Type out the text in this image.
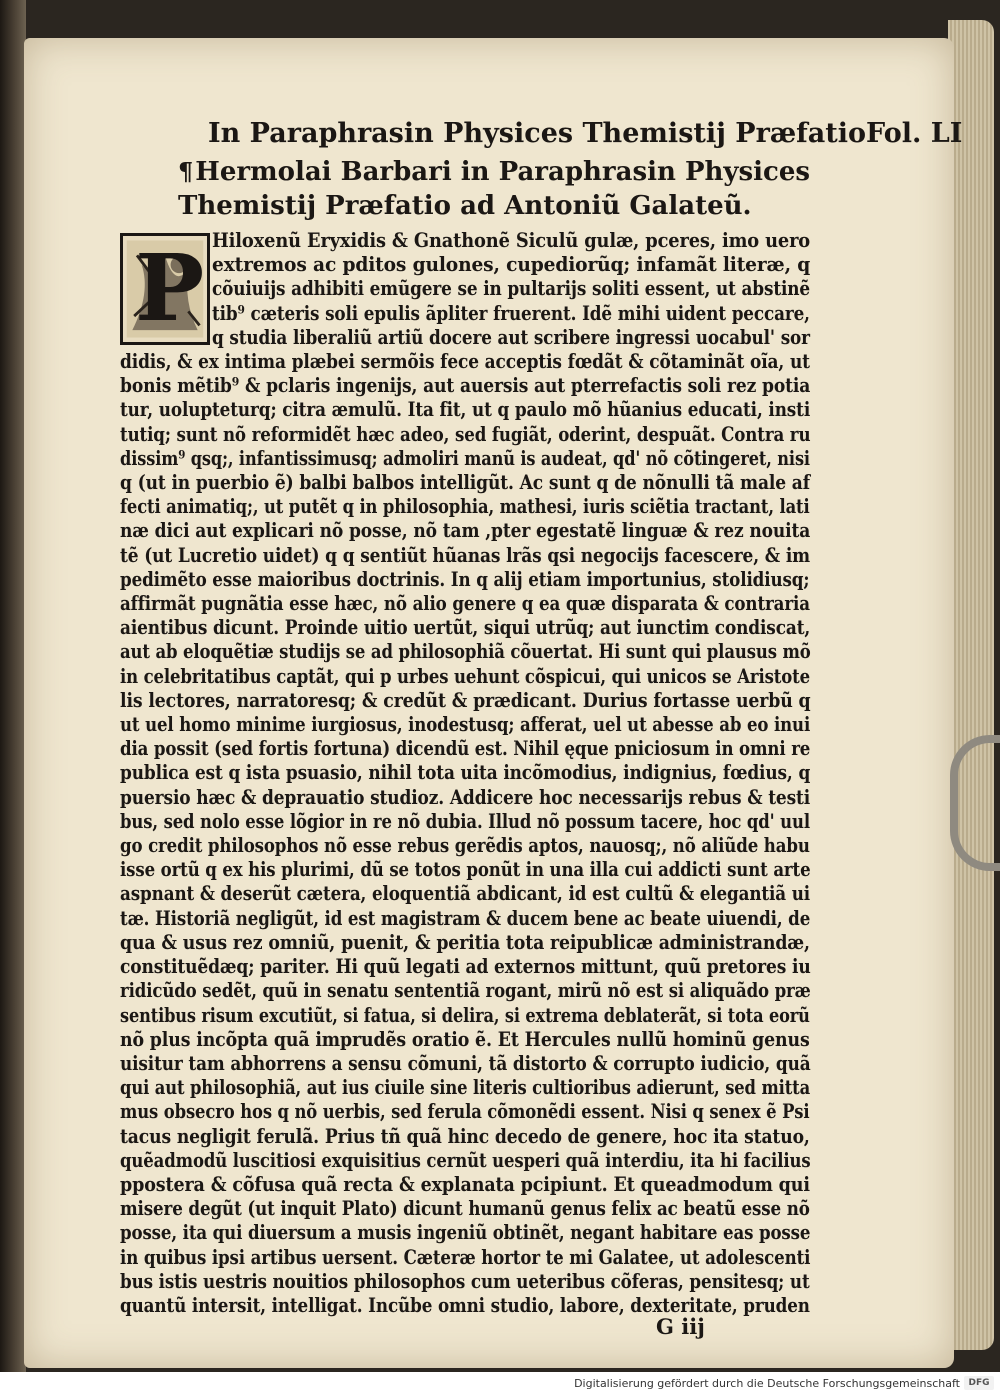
In Paraphrasin Physices Themistij Præfatio Fol. LI
¶Hermolai Barbari in Paraphrasin Physices
Themistij Præfatio ad Antoniũ Galateũ.
P Hiloxenũ Eryxidis & Gnathonẽ Siculũ gulæ, pceres, imo uero
extremos ac pditos gulones, cupediorũq; infamãt literæ, q
cõuiuijs adhibiti emũgere se in pultarijs soliti essent, ut abstinẽ
tib⁹ cæteris soli epulis ãpliter fruerent. Idẽ mihi uident peccare,
q studia liberaliũ artiũ docere aut scribere ingressi uocabul' sor
didis, & ex intima plæbei sermõis fece acceptis fœdãt & cõtaminãt oĩa, ut
bonis mẽtib⁹ & pclaris ingenijs, aut auersis aut pterrefactis soli rez potia
tur, uolupteturq; citra æmulũ. Ita fit, ut q paulo mõ hũanius educati, insti
tutiq; sunt nõ reformidẽt hæc adeo, sed fugiãt, oderint, despuãt. Contra ru
dissim⁹ qsq;, infantissimusq; admoliri manũ is audeat, qd' nõ cõtingeret, nisi
q (ut in puerbio ẽ) balbi balbos intelligũt. Ac sunt q de nõnulli tã male af
fecti animatiq;, ut putẽt q in philosophia, mathesi, iuris sciẽtia tractant, lati
næ dici aut explicari nõ posse, nõ tam ,pter egestatẽ linguæ & rez nouita
tẽ (ut Lucretio uidet) q q sentiũt hũanas lrãs qsi negocijs facescere, & im
pedimẽto esse maioribus doctrinis. In q alij etiam importunius, stolidiusq;
affirmãt pugnãtia esse hæc, nõ alio genere q ea quæ disparata & contraria
aientibus dicunt. Proinde uitio uertũt, siqui utrũq; aut iunctim condiscat,
aut ab eloquẽtiæ studijs se ad philosophiã cõuertat. Hi sunt qui plausus mõ
in celebritatibus captãt, qui p urbes uehunt cõspicui, qui unicos se Aristote
lis lectores, narratoresq; & credũt & prædicant. Durius fortasse uerbũ q
ut uel homo minime iurgiosus, inodestusq; afferat, uel ut abesse ab eo inui
dia possit (sed fortis fortuna) dicendũ est. Nihil ęque pniciosum in omni re
publica est q ista psuasio, nihil tota uita incõmodius, indignius, fœdius, q
puersio hæc & deprauatio studioz. Addicere hoc necessarijs rebus & testi
bus, sed nolo esse lõgior in re nõ dubia. Illud nõ possum tacere, hoc qd' uul
go credit philosophos nõ esse rebus gerẽdis aptos, nauosq;, nõ aliũde habu
isse ortũ q ex his plurimi, dũ se totos ponũt in una illa cui addicti sunt arte
aspnant & deserũt cætera, eloquentiã abdicant, id est cultũ & elegantiã ui
tæ. Historiã negligũt, id est magistram & ducem bene ac beate uiuendi, de
qua & usus rez omniũ, puenit, & peritia tota reipublicæ administrandæ,
constituẽdæq; pariter. Hi quũ legati ad externos mittunt, quũ pretores iu
ridicũdo sedẽt, quũ in senatu sententiã rogant, mirũ nõ est si aliquãdo præ
sentibus risum excutiũt, si fatua, si delira, si extrema deblaterãt, si tota eorũ
nõ plus incõpta quã imprudẽs oratio ẽ. Et Hercules nullũ hominũ genus
uisitur tam abhorrens a sensu cõmuni, tã distorto & corrupto iudicio, quã
qui aut philosophiã, aut ius ciuile sine literis cultioribus adierunt, sed mitta
mus obsecro hos q nõ uerbis, sed ferula cõmonẽdi essent. Nisi q senex ẽ Psi
tacus negligit ferulã. Prius tñ quã hinc decedo de genere, hoc ita statuo,
quẽadmodũ luscitiosi exquisitius cernũt uesperi quã interdiu, ita hi facilius
ppostera & cõfusa quã recta & explanata pcipiunt. Et queadmodum qui
misere degũt (ut inquit Plato) dicunt humanũ genus felix ac beatũ esse nõ
posse, ita qui diuersum a musis ingeniũ obtinẽt, negant habitare eas posse
in quibus ipsi artibus uersent. Cæteræ hortor te mi Galatee, ut adolescenti
bus istis uestris nouitios philosophos cum ueteribus cõferas, pensitesq; ut
quantũ intersit, intelligat. Incũbe omni studio, labore, dexteritate, pruden
G iij
Digitalisierung gefördert durch die Deutsche Forschungsgemeinschaft DFG
